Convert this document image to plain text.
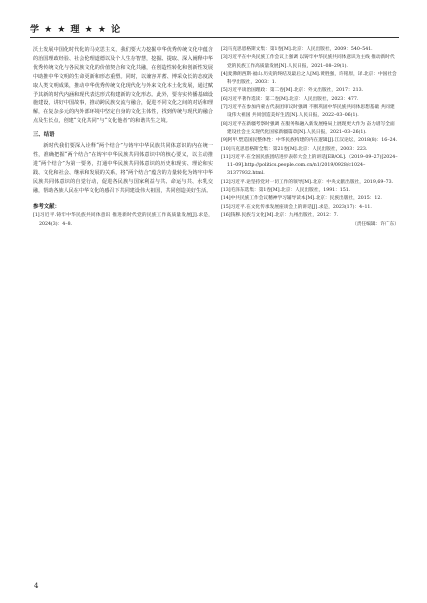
学 ★ ★ 理 ★ ★ 论

沃土发展中国化时代化的马克思主义，我们要大力挖掘中华优秀传统文化中蕴含的治国理政经验、社会伦理道德以及个人生存智慧，挖掘、提取、深入阐释中华优秀传统文化与各民族文化的价值契合和文化共融，在创造性转化和创新性发展中助推中华文明的生命更新和形态重塑。同时，以兼容并蓄、博采众长的态度汲取人类文明成果，推动中华优秀传统文化现代化与外来文化本土化发展，通过赋予其新的时代内涵和现代表达形式构建新的文化形态。此外，要夯实传播基础设施建设，讲好中国故事，推动跨民族交流与融合，促进不同文化之间的对话和理解，在复杂多元的内外部环境中坚定自身的文化主体性，找到传统与现代的融合点及生长点，创建“文化共同”与“文化他者”的和谐共生之境。

三、结语

新时代我们要深入诠释“两个结合”与铸牢中华民族共同体意识的内在统一性，准确把握“两个结合”在铸牢中华民族共同体意识中的核心要义，以主动推进“两个结合”为第一要务，打通中华民族共同体意识的历史和现实、理论和实践、文化和社会、继承和发展的关系，将“两个结合”蕴含的力量转化为铸牢中华民族共同体意识的自觉行动，促进各民族与国家利益与共、命运与共、水乳交融，帮助各族人民在中华文化的感召下共同建设伟大祖国，共同创造美好生活。

参考文献：

[1]习近平.铸牢中华民族共同体意识 推进新时代党的民族工作高质量发展[J].求是，2024(3)：4–8.

[2]马克思恩格斯文集：第1卷[M].北京：人民出版社，2009：540–541.

[3]习近平在中央民族工作会议上强调 以铸牢中华民族共同体意识为主线 推动新时代党的民族工作高质量发展[N].人民日报，2021–08–29(1).

[4]麦沸朗西斯·福山.历史的终结及最后之人[M].黄胜强，许铭原，译.北京：中国社会科学出版社，2003：1.

[5]习近平谈治国理政：第二卷[M].北京：外文出版社，2017：213.

[6]习近平著作选读：第二卷[M].北京：人民出版社，2023：477.

[7]习近平在参加内蒙古代表团审议时强调 不断巩固中华民族共同体思想基础 共同建设伟大祖国 共同创造美好生活[N].人民日报，2022–03–06(1).

[8]习近平在新疆考察时强调 在服务和融入新发展格局上展现更大作为 奋力谱写全面建设社会主义现代化国家新疆篇章[N].人民日报，2021–03–26(1).

[9]阿甲.塑造国民整体性：中华民族构建的内在逻辑[J].江汉论坛，2018(8)：16–24.

[10]马克思恩格斯全集：第21卷[M].北京：人民出版社，2003：223.

[11]习近平.在全国民族团结进步表彰大会上的讲话[EB/OL].（2019–09–27)[2024–11–09].http://politics.people.com.cn/n1/2019/0928/c1024–31377932.html.

[12]习近平.论坚持党对一切工作的领导[M].北京：中央文献出版社，2019,69–73.

[13]毛泽东选集：第1卷[M].北京：人民出版社，1991：151.

[14]中共民族工作会议精神学习辅导读本[M].北京：民族出版社，2015：12.

[15]习近平.在文化传承发展座谈会上的讲话[J].求是，2023(17)：4–11.

[16]钱穆.民族与文化[M].北京：九州出版社，2012：7.

（责任编辑：许广东）
4
